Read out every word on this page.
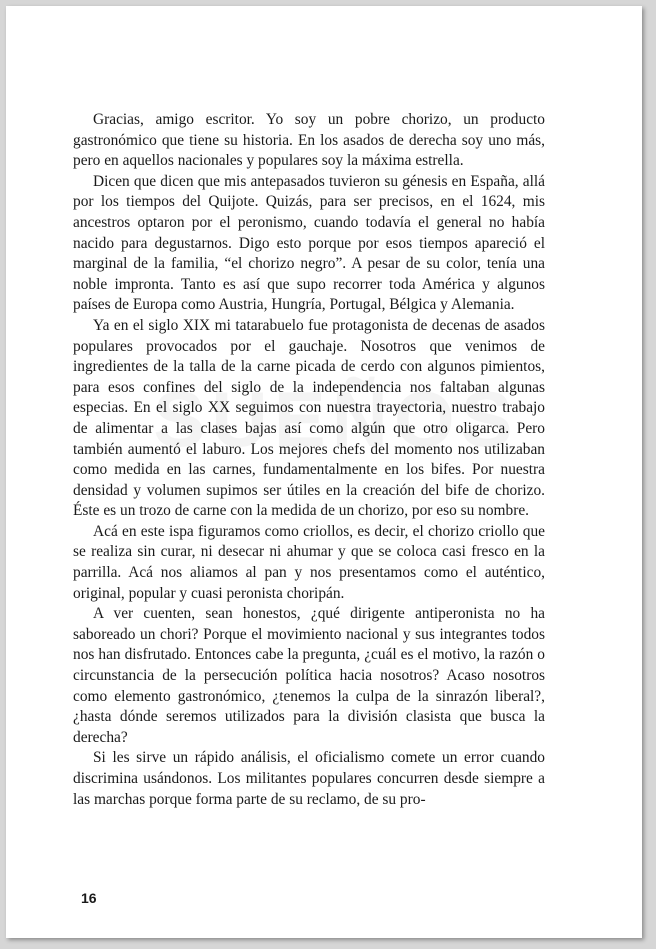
Gracias, amigo escritor. Yo soy un pobre chorizo, un producto gastronómico que tiene su historia. En los asados de derecha soy uno más, pero en aquellos nacionales y populares soy la máxima estrella.

Dicen que dicen que mis antepasados tuvieron su génesis en España, allá por los tiempos del Quijote. Quizás, para ser precisos, en el 1624, mis ancestros optaron por el peronismo, cuando todavía el general no había nacido para degustarnos. Digo esto porque por esos tiempos apareció el marginal de la familia, “el chorizo negro”. A pesar de su color, tenía una noble impronta. Tanto es así que supo recorrer toda América y algunos países de Europa como Austria, Hungría, Portugal, Bélgica y Alemania.

Ya en el siglo XIX mi tatarabuelo fue protagonista de decenas de asados populares provocados por el gauchaje. Nosotros que venimos de ingredientes de la talla de la carne picada de cerdo con algunos pimientos, para esos confines del siglo de la independencia nos faltaban algunas especias. En el siglo XX seguimos con nuestra trayectoria, nuestro trabajo de alimentar a las clases bajas así como algún que otro oligarca. Pero también aumentó el laburo. Los mejores chefs del momento nos utilizaban como medida en las carnes, fundamentalmente en los bifes. Por nuestra densidad y volumen supimos ser útiles en la creación del bife de chorizo. Éste es un trozo de carne con la medida de un chorizo, por eso su nombre.

Acá en este ispa figuramos como criollos, es decir, el chorizo criollo que se realiza sin curar, ni desecar ni ahumar y que se coloca casi fresco en la parrilla. Acá nos aliamos al pan y nos presentamos como el auténtico, original, popular y cuasi peronista choripán.

A ver cuenten, sean honestos, ¿qué dirigente antiperonista no ha saboreado un chori? Porque el movimiento nacional y sus integrantes todos nos han disfrutado. Entonces cabe la pregunta, ¿cuál es el motivo, la razón o circunstancia de la persecución política hacia nosotros? Acaso nosotros como elemento gastronómico, ¿tenemos la culpa de la sinrazón liberal?, ¿hasta dónde seremos utilizados para la división clasista que busca la derecha?

Si les sirve un rápido análisis, el oficialismo comete un error cuando discrimina usándonos. Los militantes populares concurren desde siempre a las marchas porque forma parte de su reclamo, de su pro-

16
